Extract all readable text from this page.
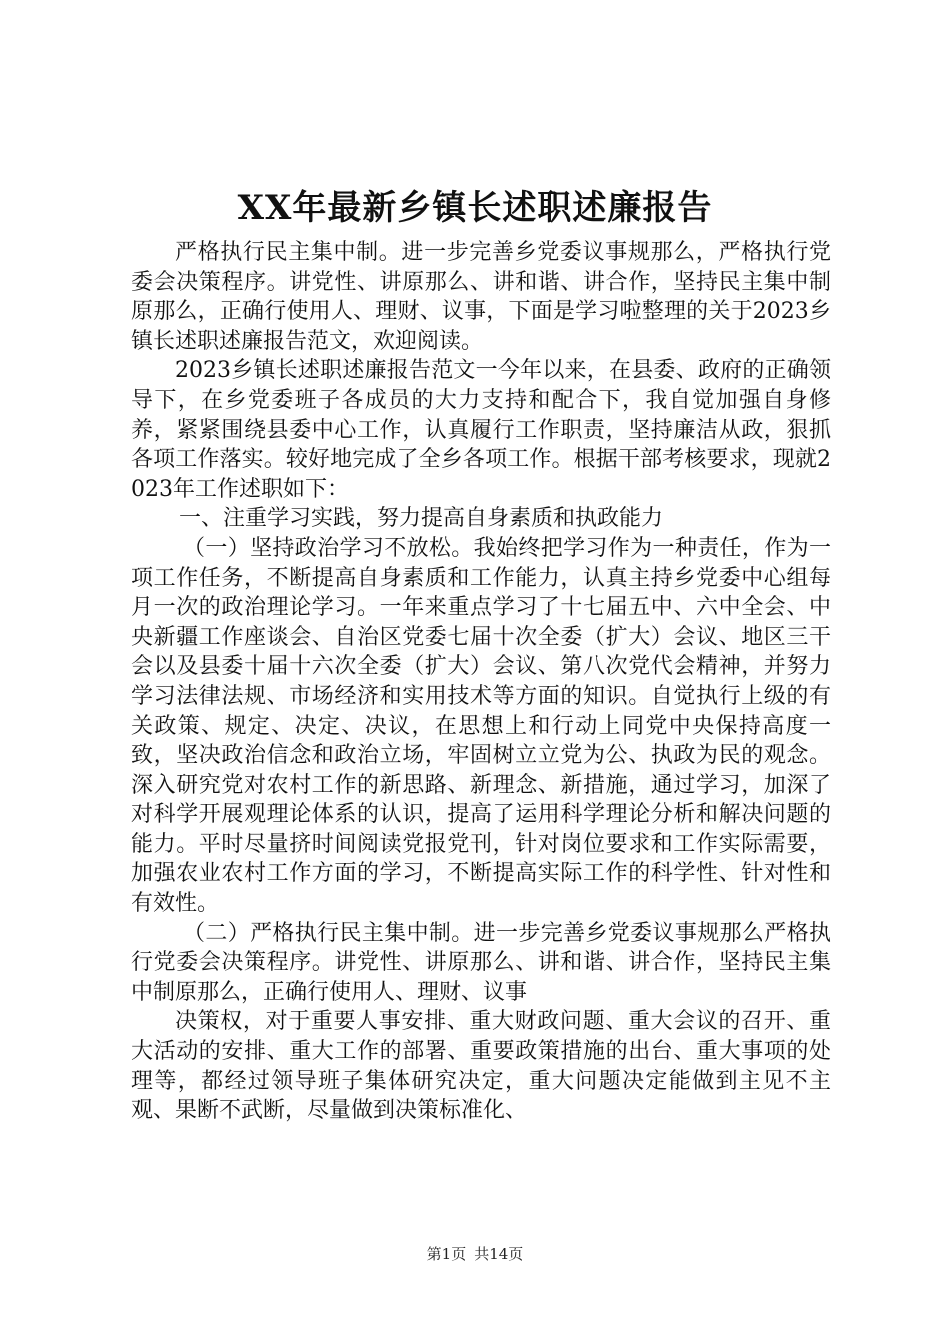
XX年最新乡镇长述职述廉报告

严格执行民主集中制。进一步完善乡党委议事规那么，严格执行党委会决策程序。讲党性、讲原那么、讲和谐、讲合作，坚持民主集中制原那么，正确行使用人、理财、议事，下面是学习啦整理的关于2023乡镇长述职述廉报告范文，欢迎阅读。

2023乡镇长述职述廉报告范文一今年以来，在县委、政府的正确领导下，在乡党委班子各成员的大力支持和配合下，我自觉加强自身修养，紧紧围绕县委中心工作，认真履行工作职责，坚持廉洁从政，狠抓各项工作落实。较好地完成了全乡各项工作。根据干部考核要求，现就2023年工作述职如下：

一、注重学习实践，努力提高自身素质和执政能力

（一）坚持政治学习不放松。我始终把学习作为一种责任，作为一项工作任务，不断提高自身素质和工作能力，认真主持乡党委中心组每月一次的政治理论学习。一年来重点学习了十七届五中、六中全会、中央新疆工作座谈会、自治区党委七届十次全委（扩大）会议、地区三干会以及县委十届十六次全委（扩大）会议、第八次党代会精神，并努力学习法律法规、市场经济和实用技术等方面的知识。自觉执行上级的有关政策、规定、决定、决议，在思想上和行动上同党中央保持高度一致，坚决政治信念和政治立场，牢固树立立党为公、执政为民的观念。深入研究党对农村工作的新思路、新理念、新措施，通过学习，加深了对科学开展观理论体系的认识，提高了运用科学理论分析和解决问题的能力。平时尽量挤时间阅读党报党刊，针对岗位要求和工作实际需要，加强农业农村工作方面的学习，不断提高实际工作的科学性、针对性和有效性。

（二）严格执行民主集中制。进一步完善乡党委议事规那么严格执行党委会决策程序。讲党性、讲原那么、讲和谐、讲合作，坚持民主集中制原那么，正确行使用人、理财、议事

决策权，对于重要人事安排、重大财政问题、重大会议的召开、重大活动的安排、重大工作的部署、重要政策措施的出台、重大事项的处理等，都经过领导班子集体研究决定，重大问题决定能做到主见不主观、果断不武断，尽量做到决策标准化、

第1页 共14页
